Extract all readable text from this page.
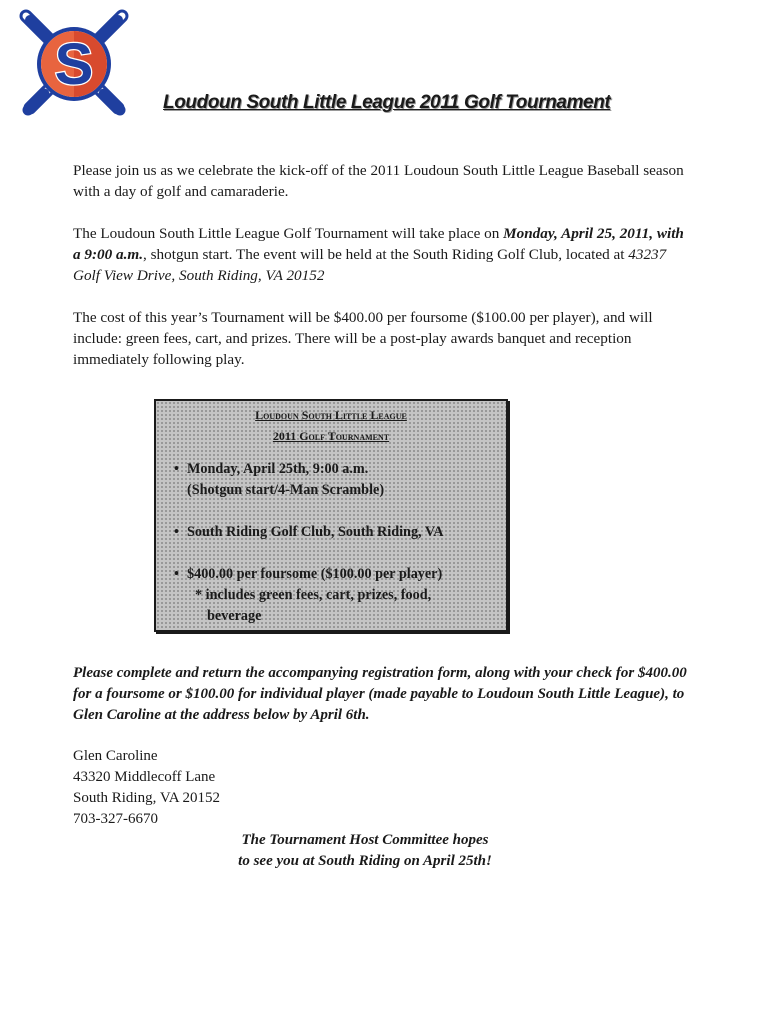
S
Loudoun South Little League 2011 Golf Tournament

Please join us as we celebrate the kick-off of the 2011 Loudoun South Little League Baseball season with a day of golf and camaraderie.

The Loudoun South Little League Golf Tournament will take place on Monday, April 25, 2011, with a 9:00 a.m., shotgun start. The event will be held at the South Riding Golf Club, located at 43237 Golf View Drive, South Riding, VA 20152

The cost of this year’s Tournament will be $400.00 per foursome ($100.00 per player), and will include: green fees, cart, and prizes. There will be a post-play awards banquet and reception immediately following play.

Loudoun South Little League
2011 Golf Tournament
• Monday, April 25th, 9:00 a.m.
(Shotgun start/4-Man Scramble)
• South Riding Golf Club, South Riding, VA
• $400.00 per foursome ($100.00 per player)
* includes green fees, cart, prizes, food,
beverage

Please complete and return the accompanying registration form, along with your check for $400.00 for a foursome or $100.00 for individual player (made payable to Loudoun South Little League), to Glen Caroline at the address below by April 6th.

Glen Caroline
43320 Middlecoff Lane
South Riding, VA 20152
703-327-6670
The Tournament Host Committee hopes
to see you at South Riding on April 25th!
